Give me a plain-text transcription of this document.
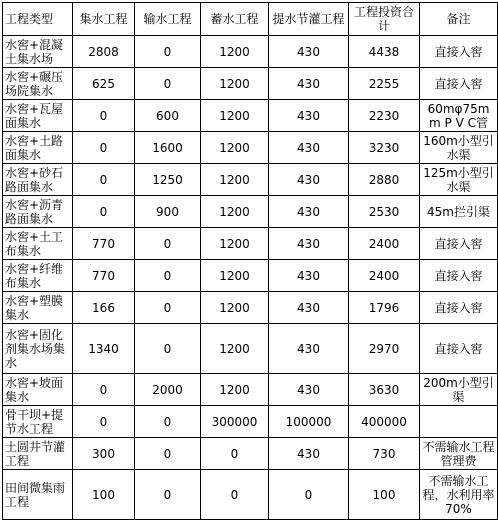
工程类型	集水工程	输水工程	蓄水工程	提水节灌工程	工程投资合计	备注
水窖+混凝土集水场	2808	0	1200	430	4438	直接入窖
水窖+碾压场院集水	625	0	1200	430	2255	直接入窖
水窖+瓦屋面集水	0	600	1200	430	2230	60mφ75mm P V C管
水窖+土路面集水	0	1600	1200	430	3230	160m小型引水渠
水窖+砂石路面集水	0	1250	1200	430	2880	125m小型引水渠
水窖+沥青路面集水	0	900	1200	430	2530	45m拦引渠
水窖+土工布集水	770	0	1200	430	2400	直接入窖
水窖+纤维布集水	770	0	1200	430	2400	直接入窖
水窖+塑膜集水	166	0	1200	430	1796	直接入窖
水窖+固化剂集水场集水	1340	0	1200	430	2970	直接入窖
水窖+坡面集水	0	2000	1200	430	3630	200m小型引渠
骨干坝+提节水工程	0	0	300000	100000	400000	
土圆井节灌工程	300	0	0	430	730	不需输水工程管理费
田间微集雨工程	100	0	0	0	100	不需输水工程，水利用率70%
